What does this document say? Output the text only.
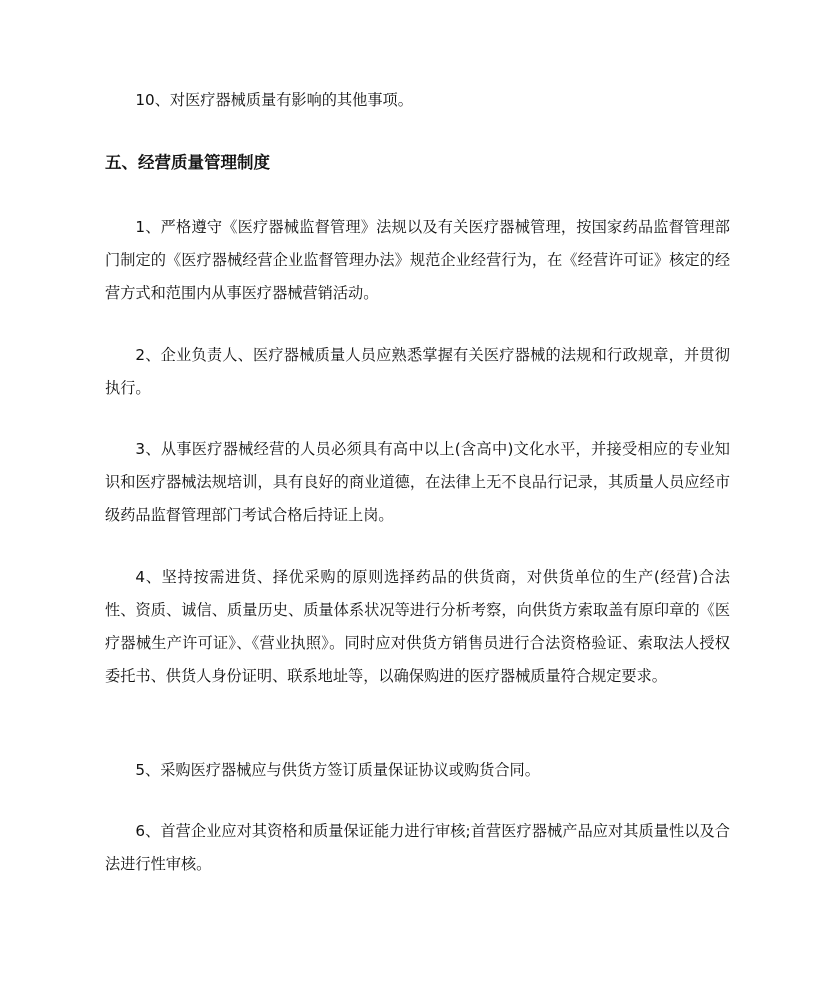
10、对医疗器械质量有影响的其他事项。

五、经营质量管理制度

1、严格遵守《医疗器械监督管理》法规以及有关医疗器械管理，按国家药品监督管理部门制定的《医疗器械经营企业监督管理办法》规范企业经营行为，在《经营许可证》核定的经营方式和范围内从事医疗器械营销活动。

2、企业负责人、医疗器械质量人员应熟悉掌握有关医疗器械的法规和行政规章，并贯彻执行。

3、从事医疗器械经营的人员必须具有高中以上(含高中)文化水平，并接受相应的专业知识和医疗器械法规培训，具有良好的商业道德，在法律上无不良品行记录，其质量人员应经市级药品监督管理部门考试合格后持证上岗。

4、坚持按需进货、择优采购的原则选择药品的供货商，对供货单位的生产(经营)合法性、资质、诚信、质量历史、质量体系状况等进行分析考察，向供货方索取盖有原印章的《医疗器械生产许可证》、《营业执照》。同时应对供货方销售员进行合法资格验证、索取法人授权委托书、供货人身份证明、联系地址等，以确保购进的医疗器械质量符合规定要求。

5、采购医疗器械应与供货方签订质量保证协议或购货合同。

6、首营企业应对其资格和质量保证能力进行审核;首营医疗器械产品应对其质量性以及合法进行性审核。
